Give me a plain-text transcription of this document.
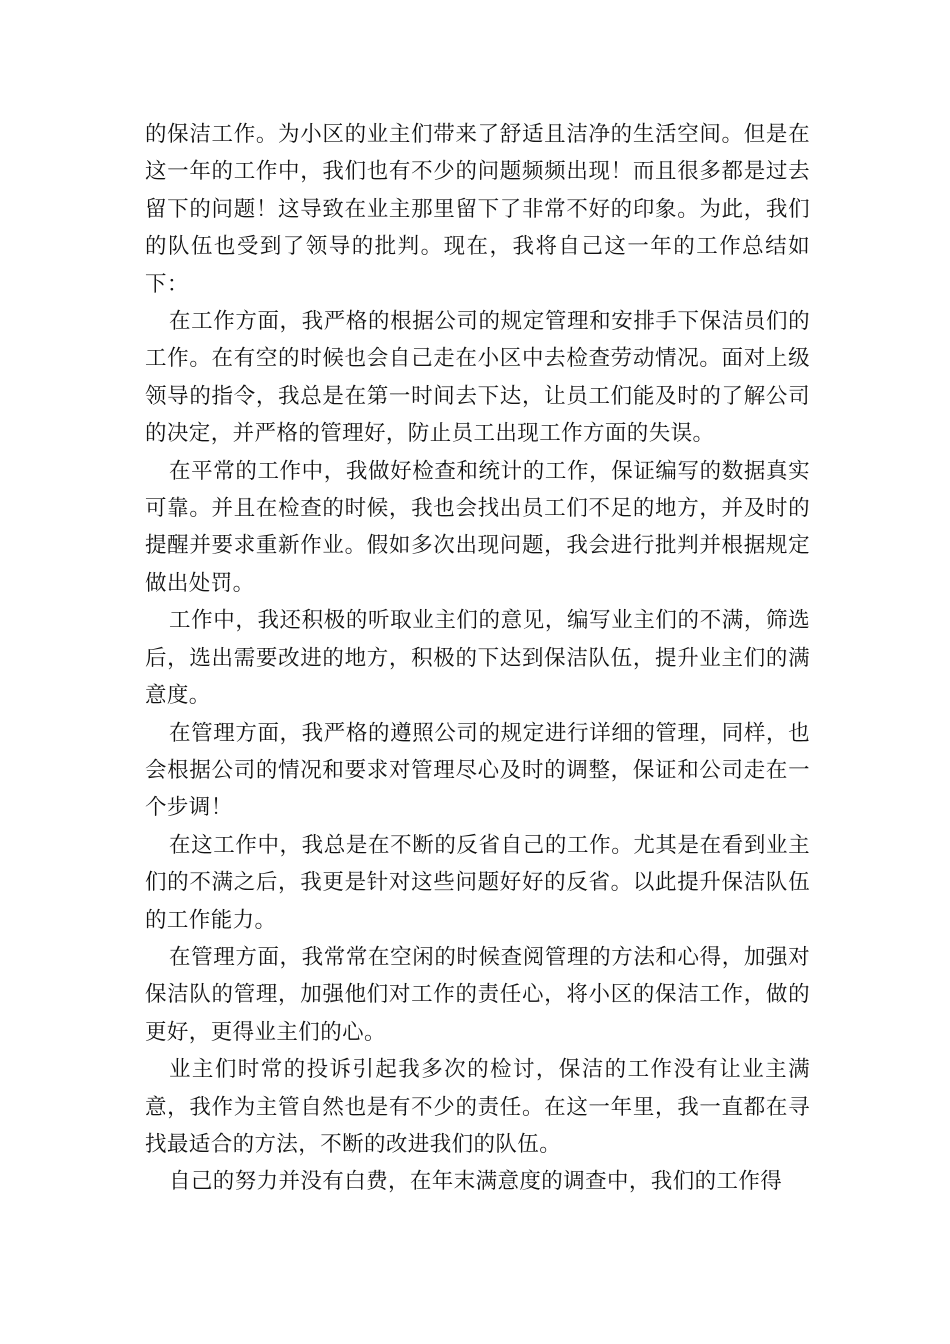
的保洁工作。为小区的业主们带来了舒适且洁净的生活空间。但是在这一年的工作中，我们也有不少的问题频频出现！而且很多都是过去留下的问题！这导致在业主那里留下了非常不好的印象。为此，我们的队伍也受到了领导的批判。现在，我将自己这一年的工作总结如下：

在工作方面，我严格的根据公司的规定管理和安排手下保洁员们的工作。在有空的时候也会自己走在小区中去检查劳动情况。面对上级领导的指令，我总是在第一时间去下达，让员工们能及时的了解公司的决定，并严格的管理好，防止员工出现工作方面的失误。

在平常的工作中，我做好检查和统计的工作，保证编写的数据真实可靠。并且在检查的时候，我也会找出员工们不足的地方，并及时的提醒并要求重新作业。假如多次出现问题，我会进行批判并根据规定做出处罚。

工作中，我还积极的听取业主们的意见，编写业主们的不满，筛选后，选出需要改进的地方，积极的下达到保洁队伍，提升业主们的满意度。

在管理方面，我严格的遵照公司的规定进行详细的管理，同样，也会根据公司的情况和要求对管理尽心及时的调整，保证和公司走在一个步调！

在这工作中，我总是在不断的反省自己的工作。尤其是在看到业主们的不满之后，我更是针对这些问题好好的反省。以此提升保洁队伍的工作能力。

在管理方面，我常常在空闲的时候查阅管理的方法和心得，加强对保洁队的管理，加强他们对工作的责任心，将小区的保洁工作，做的更好，更得业主们的心。

业主们时常的投诉引起我多次的检讨，保洁的工作没有让业主满意，我作为主管自然也是有不少的责任。在这一年里，我一直都在寻找最适合的方法，不断的改进我们的队伍。

自己的努力并没有白费，在年末满意度的调查中，我们的工作得
